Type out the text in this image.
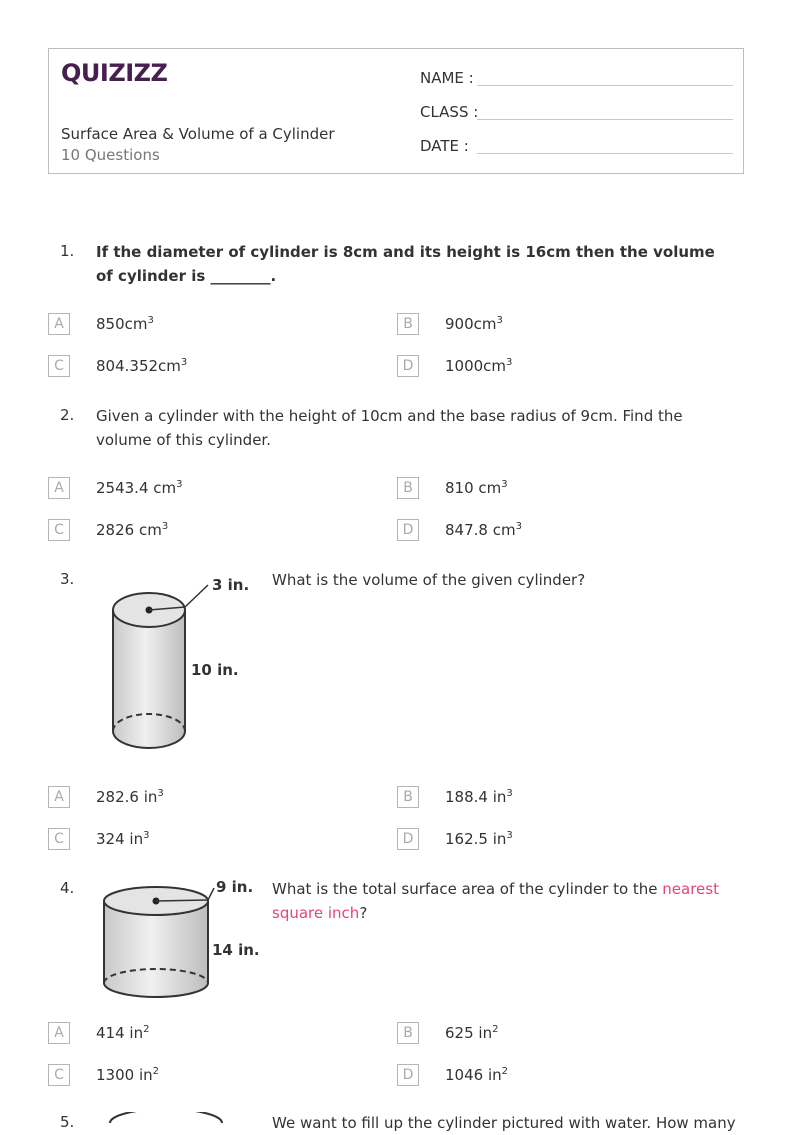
QUIZIZZ
Surface Area & Volume of a Cylinder
10 Questions
NAME :
CLASS :
DATE :
1. If the diameter of cylinder is 8cm and its height is 16cm then the volume of cylinder is ________.
A	$850cm^3$	B	$900cm^3$
C	$804.352cm^3$	D	$1000cm^3$
2. Given a cylinder with the height of 10cm and the base radius of 9cm. Find the volume of this cylinder.
A	2543.4 $cm^3$	B	810 $cm^3$
C	2826 $cm^3$	D	847.8 $cm^3$
3.	3 in.
10 in.
What is the volume of the given cylinder?
A	282.6 $in^3$	B	188.4 $in^3$
C	324 $in^3$	D	162.5 $in^3$
4.	9 in.
14 in.
What is the total surface area of the cylinder to the nearest square inch?
A	414 $in^2$	B	625 $in^2$
C	1300 $in^2$	D	1046 $in^2$
5.	We want to fill up the cylinder pictured with water. How many
